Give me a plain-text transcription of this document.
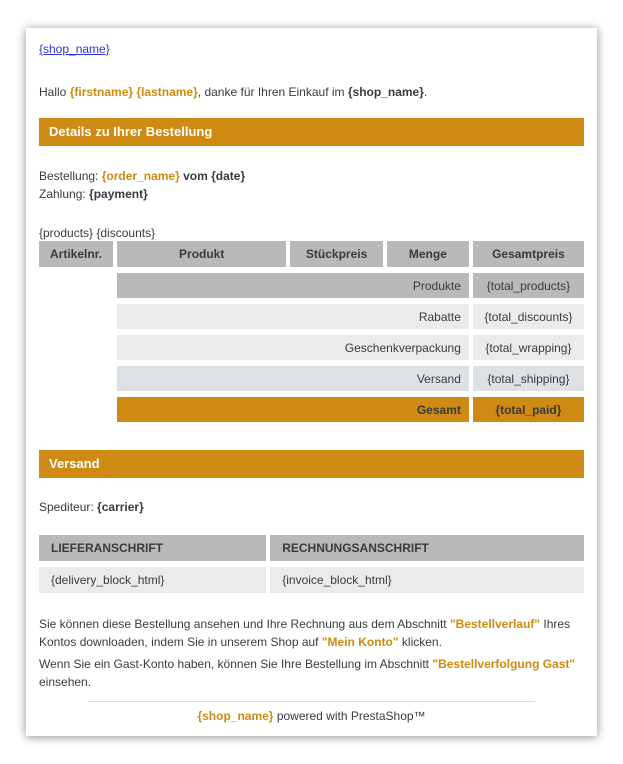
{shop_name}

Hallo {firstname} {lastname}, danke für Ihren Einkauf im {shop_name}.

Details zu Ihrer Bestellung

Bestellung: {order_name} vom {date}
Zahlung: {payment}

{products} {discounts}

Artikelnr.	Produkt	Stückpreis	Menge	Gesamtpreis
	Produkte			{total_products}
	Rabatte			{total_discounts}
	Geschenkverpackung			{total_wrapping}
	Versand			{total_shipping}
	Gesamt			{total_paid}
Versand

Spediteur: {carrier}

LIEFERANSCHRIFT	RECHNUNGSANSCHRIFT
{delivery_block_html}	{invoice_block_html}

Sie können diese Bestellung ansehen und Ihre Rechnung aus dem Abschnitt "Bestellverlauf" Ihres Kontos downloaden, indem Sie in unserem Shop auf "Mein Konto" klicken.

Wenn Sie ein Gast-Konto haben, können Sie Ihre Bestellung im Abschnitt "Bestellverfolgung Gast" einsehen.

{shop_name} powered with PrestaShop™
